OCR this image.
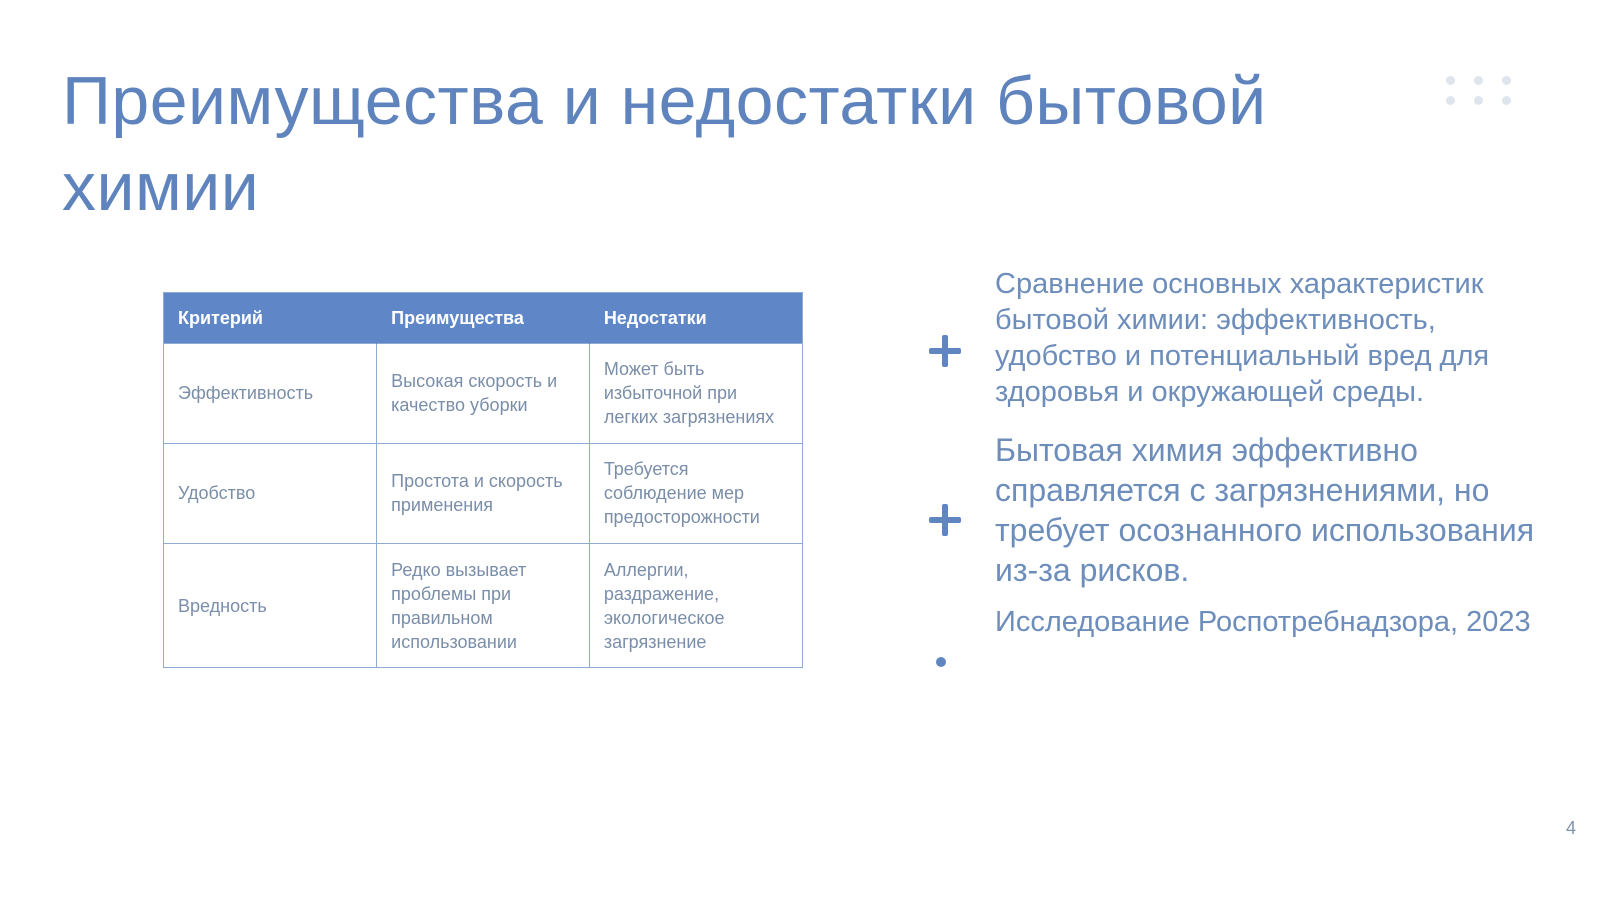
Преимущества и недостатки бытовой химии
Критерий	Преимущества	Недостатки
Эффективность	Высокая скорость и качество уборки	Может быть избыточной при легких загрязнениях
Удобство	Простота и скорость применения	Требуется соблюдение мер предосторожности
Вредность	Редко вызывает проблемы при правильном использовании	Аллергии, раздражение, экологическое загрязнение
Сравнение основных характеристик бытовой химии: эффективность, удобство и потенциальный вред для здоровья и окружающей среды.
Бытовая химия эффективно справляется с загрязнениями, но требует осознанного использования из-за рисков.
Исследование Роспотребнадзора, 2023
4
